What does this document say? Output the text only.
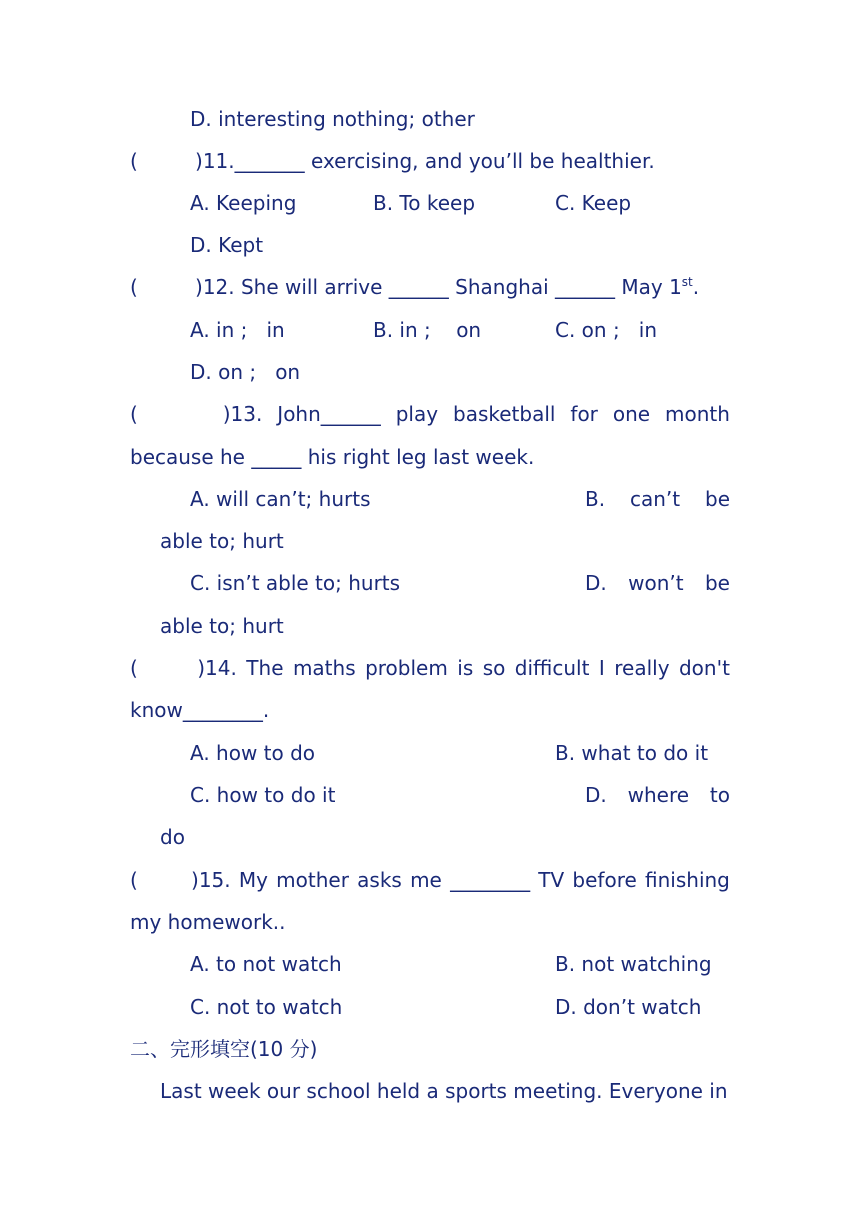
D. interesting nothing; other
(         )11._______ exercising, and you’ll be healthier.
A. Keeping	B. To keep	C. Keep
D. Kept
(         )12. She will arrive ______ Shanghai ______ May 1st.
A. in ;   in	B. in ;    on	C. on ;   in
D. on ;   on
(	)13. John______ play basketball for one month
because he _____ his right leg last week.
A. will can’t; hurts	B. can’t be
able to; hurt
C. isn’t able to; hurts	D. won’t be
able to; hurt
(	)14. The maths problem is so difficult I really don't
know________.
A. how to do	B. what to do it
C. how to do it	D. where to
do
(	)15. My mother asks me ________ TV before finishing
my homework..
A. to not watch	B. not watching
C. not to watch	D. don’t watch
二、完形填空(10 分)
Last week our school held a sports meeting. Everyone in
